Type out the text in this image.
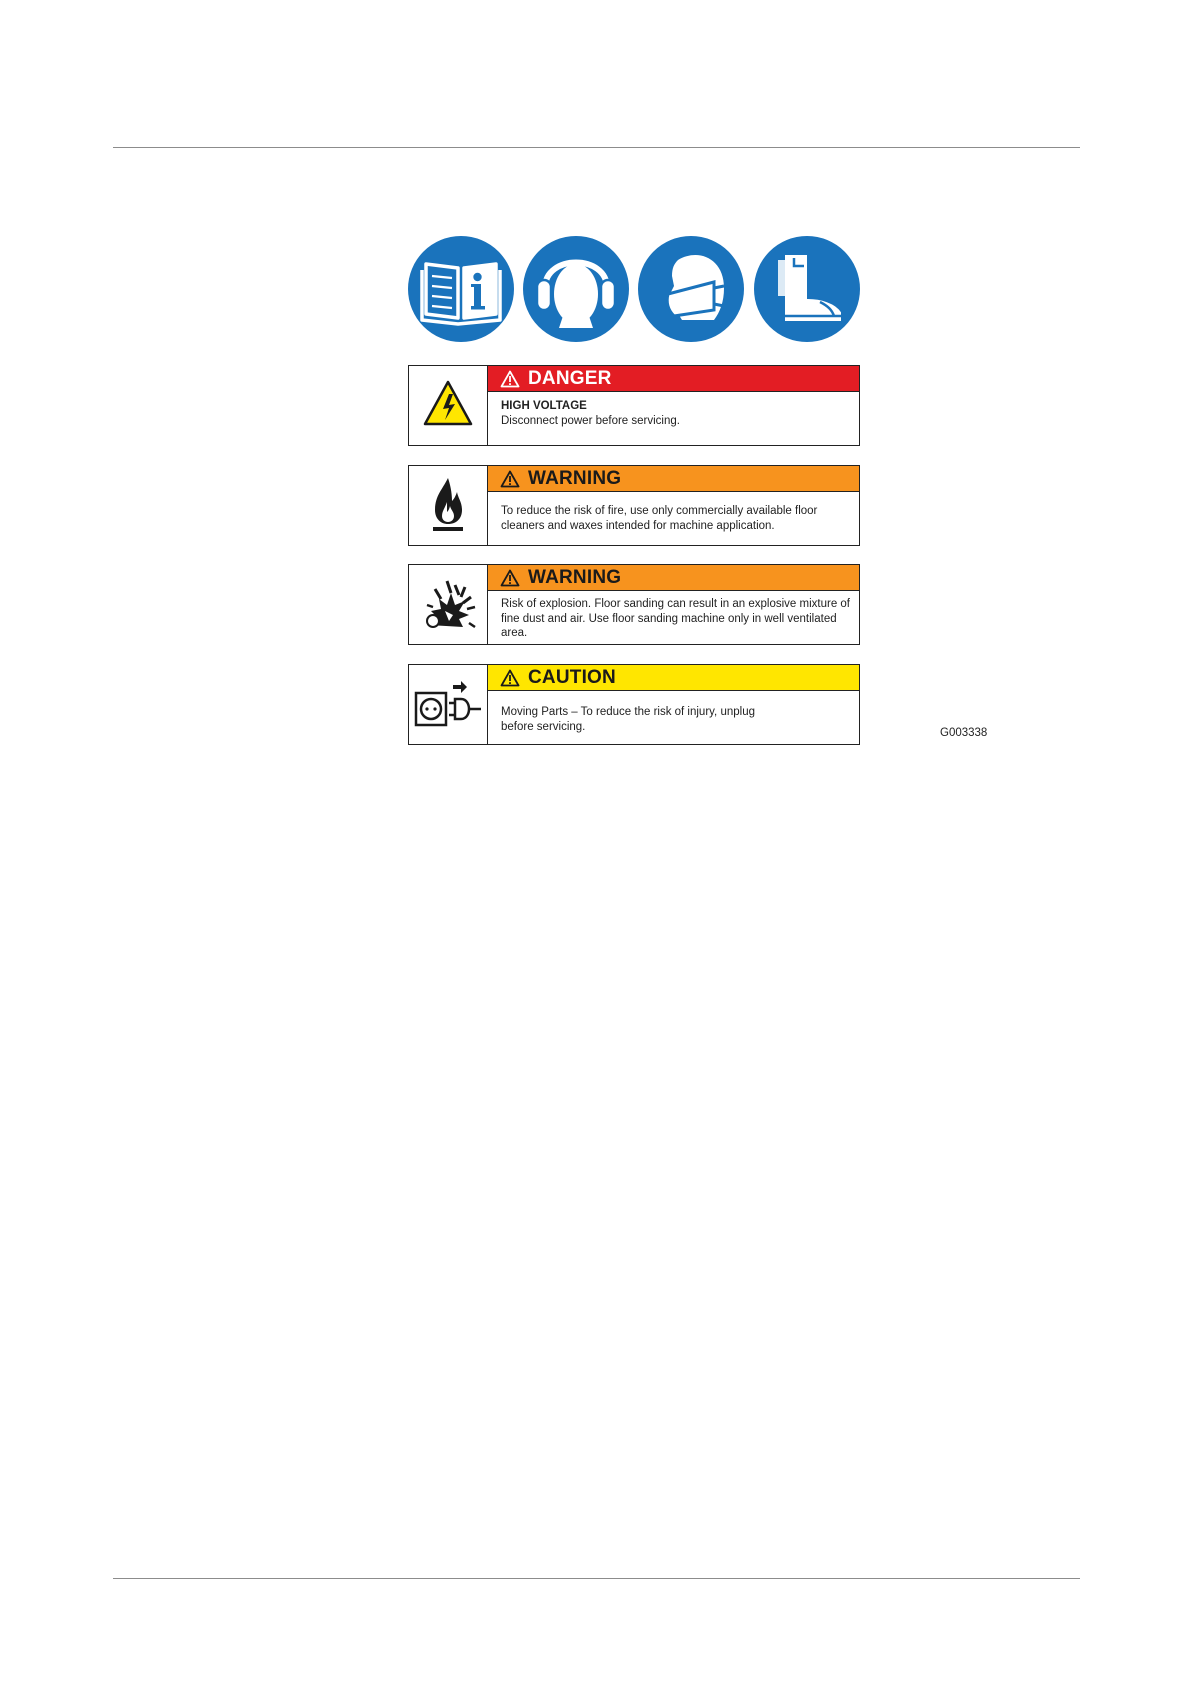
DANGER
HIGH VOLTAGE
Disconnect power before servicing.
WARNING
To reduce the risk of fire, use only commercially available floor cleaners and waxes intended for machine application.
WARNING
Risk of explosion. Floor sanding can result in an explosive mixture of fine dust and air. Use floor sanding machine only in well ventilated area.
CAUTION
Moving Parts – To reduce the risk of injury, unplug before servicing.
G003338
